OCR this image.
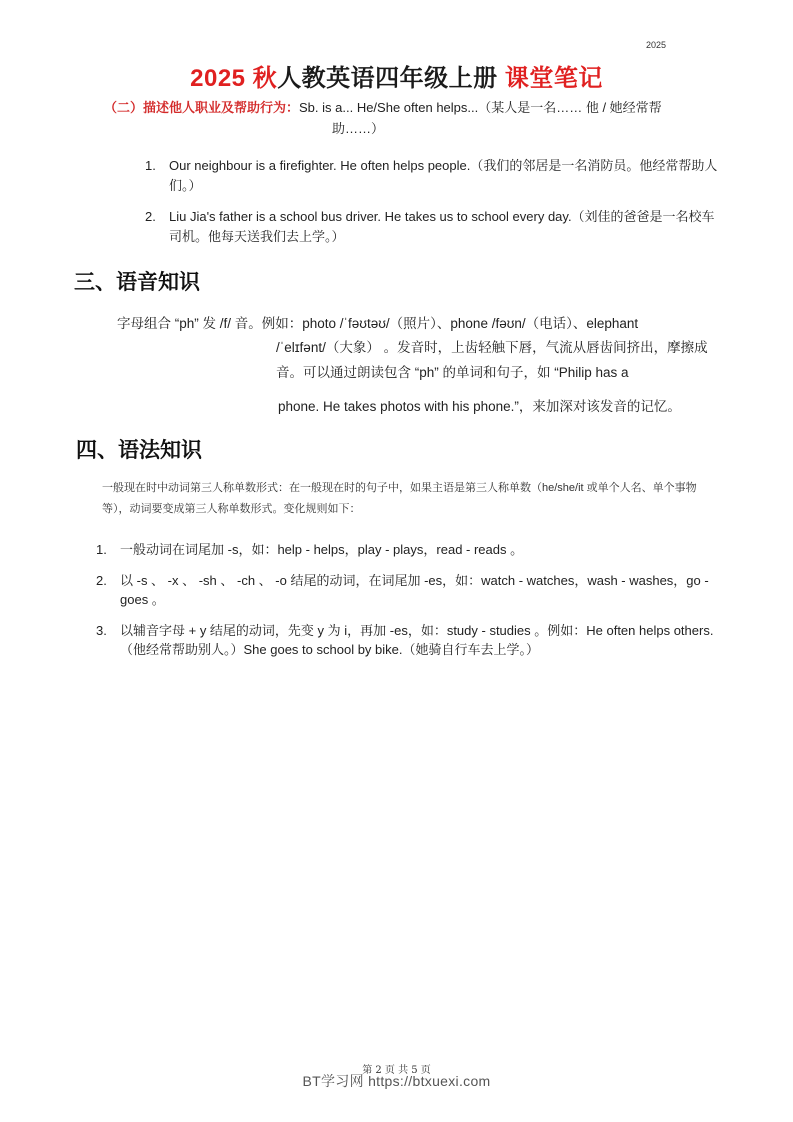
2025
2025 秋人教英语四年级上册 课堂笔记
（二）描述他人职业及帮助行为：Sb. is a... He/She often helps...（某人是一名…… 他 / 她经常帮
助……）
1.	Our neighbour is a firefighter. He often helps people.（我们的邻居是一名消防员。他经常帮助人们。）
2.	Liu Jia's father is a school bus driver. He takes us to school every day.（刘佳的爸爸是一名校车司机。他每天送我们去上学。）
三、语音知识
字母组合 “ph” 发 /f/ 音。例如：photo /ˈfəʊtəʊ/（照片）、phone /fəʊn/（电话）、elephant
/ˈelɪfənt/（大象） 。发音时，上齿轻触下唇，气流从唇齿间挤出，摩擦成音。可以通过朗读包含 “ph” 的单词和句子，如 “Philip has a
phone. He takes photos with his phone.”，来加深对该发音的记忆。
四、语法知识
一般现在时中动词第三人称单数形式：在一般现在时的句子中，如果主语是第三人称单数（he/she/it 或单个人名、单个事物等），动词要变成第三人称单数形式。变化规则如下：
1.	一般动词在词尾加 -s，如：help - helps，play - plays，read - reads 。
2.	以 -s 、 -x 、 -sh 、 -ch 、 -o 结尾的动词，在词尾加 -es，如：watch - watches，wash - washes，go - goes 。
3.	以辅音字母 + y 结尾的动词，先变 y 为 i，再加 -es，如：study - studies 。例如：He often helps others.（他经常帮助别人。）She goes to school by bike.（她骑自行车去上学。）
第 2 页 共 5 页
BT学习网 https://btxuexi.com
